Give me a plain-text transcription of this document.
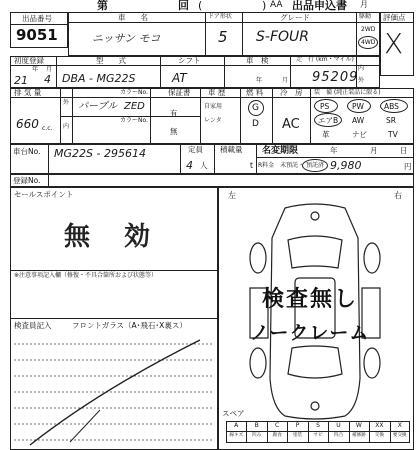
第	回 (	) AA 出品申込書 月
出品番号
9051
車　　名	ドア形状	グレード	駆動
ニッサン モコ	5 S-FOUR	2WD
4WD
評価点
X
初度登録
年 月
21 4
型　　式
DBA - MG22S
シフト
AT
車　検
年	月
走　行 (km・マイル)
95209
内
外
排 気 量
660 c.c.
外 パープル
カラーNo.
ZED
内
カラーNo.
保証書
有
無
車 歴
自家用
レンタ
燃 料
G
D
冷　房
AC
装　備 (純正装品に限る)
PS	PW	ABS
エアB AW	SR
革	ナビ	TV
車台No. MG22S - 295614	定員
4 人
積載量
t
名変期限	年	月	日
R料金　未預託・ 預託済 9,980	円
登録No.
セールスポイント
無　効
※注意事項記入欄（修復・不具合箇所および状態等）
検査員記入	フロントガラス（A･飛石･X裏ス）
左	右
検査無し
ノークレーム
スペア
A
線キズ
B
凹み
C
腐食
P
塗装
S
サビ
U
凹凸
W
補修跡
XX
交換
X
要交換
